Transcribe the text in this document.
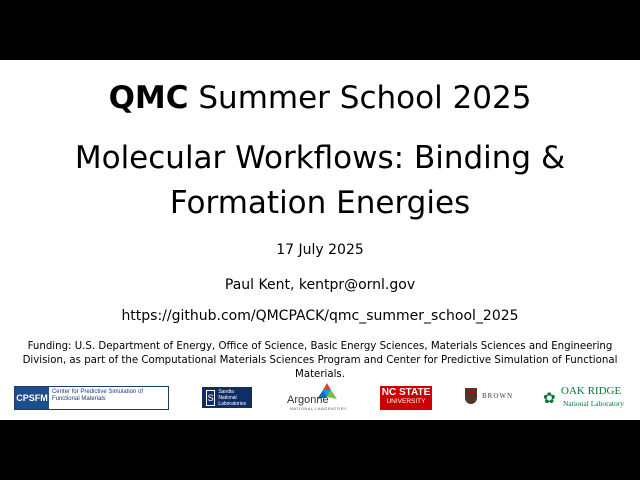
QMC Summer School 2025
Molecular Workflows: Binding &
Formation Energies
17 July 2025
Paul Kent, kentpr@ornl.gov
https://github.com/QMCPACK/qmc_summer_school_2025
Funding: U.S. Department of Energy, Office of Science, Basic Energy Sciences, Materials Sciences and Engineering Division, as part of the Computational Materials Sciences Program and Center for Predictive Simulation of Functional Materials.
CPSFM
Center for Predictive Simulation of Functional Materials	S
Sandia National Laboratories	Argonne
NATIONAL LABORATORY
NC STATE
UNIVERSITY
BROWN ✿ OAK RIDGE
National Laboratory
